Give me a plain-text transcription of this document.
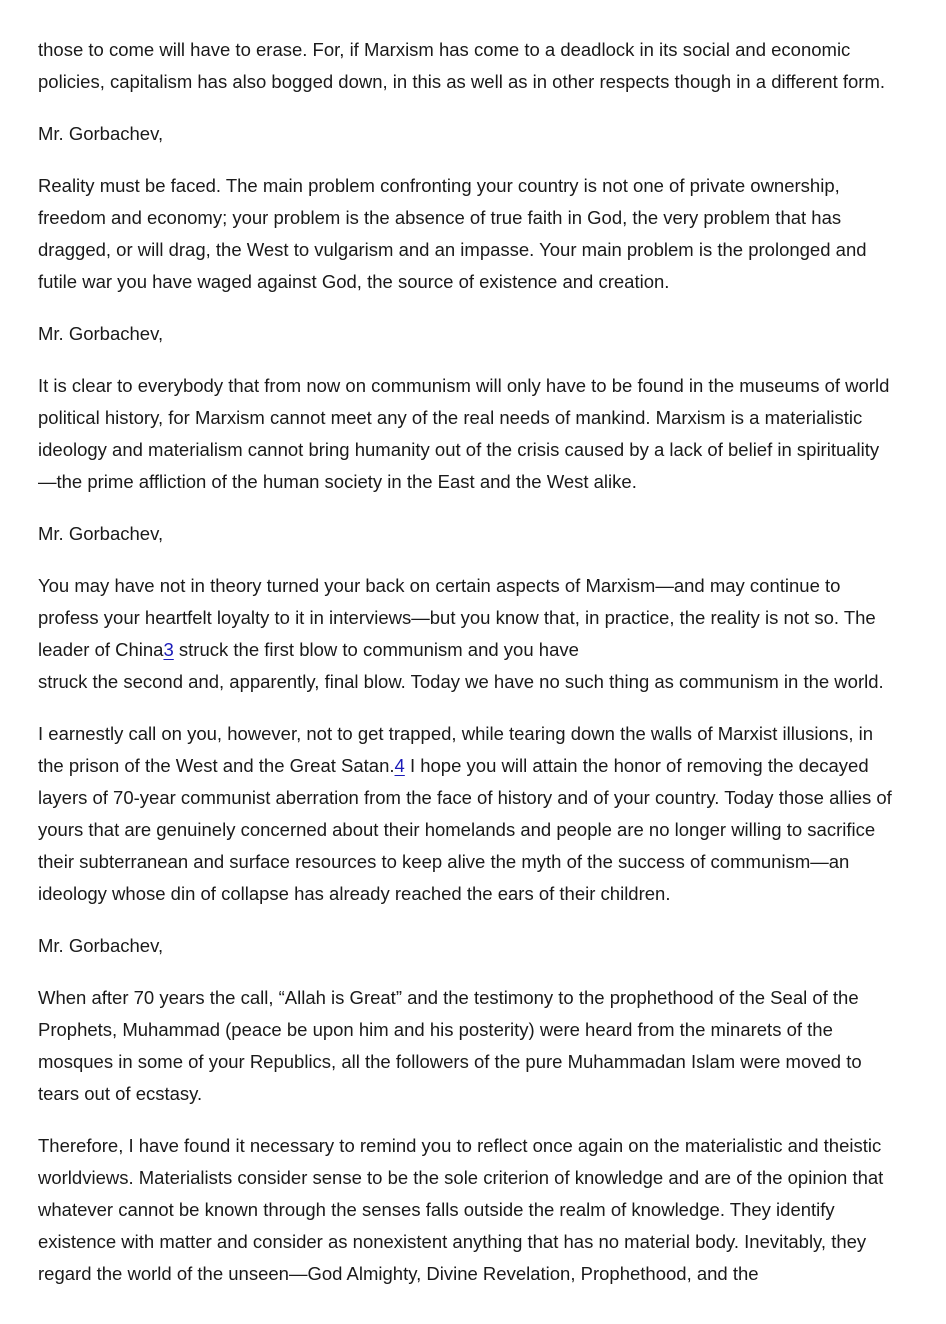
those to come will have to erase. For, if Marxism has come to a deadlock in its social and economic policies, capitalism has also bogged down, in this as well as in other respects though in a different form.

Mr. Gorbachev,

Reality must be faced. The main problem confronting your country is not one of private ownership, freedom and economy; your problem is the absence of true faith in God, the very problem that has dragged, or will drag, the West to vulgarism and an impasse. Your main problem is the prolonged and futile war you have waged against God, the source of existence and creation.

Mr. Gorbachev,

It is clear to everybody that from now on communism will only have to be found in the museums of world political history, for Marxism cannot meet any of the real needs of mankind. Marxism is a materialistic ideology and materialism cannot bring humanity out of the crisis caused by a lack of belief in spirituality—the prime affliction of the human society in the East and the West alike.

Mr. Gorbachev,

You may have not in theory turned your back on certain aspects of Marxism—and may continue to profess your heartfelt loyalty to it in interviews—but you know that, in practice, the reality is not so. The leader of China3 struck the first blow to communism and you have
struck the second and, apparently, final blow. Today we have no such thing as communism in the world.

I earnestly call on you, however, not to get trapped, while tearing down the walls of Marxist illusions, in the prison of the West and the Great Satan.4 I hope you will attain the honor of removing the decayed layers of 70-year communist aberration from the face of history and of your country. Today those allies of yours that are genuinely concerned about their homelands and people are no longer willing to sacrifice their subterranean and surface resources to keep alive the myth of the success of communism—an ideology whose din of collapse has already reached the ears of their children.

Mr. Gorbachev,

When after 70 years the call, “Allah is Great” and the testimony to the prophethood of the Seal of the Prophets, Muhammad (peace be upon him and his posterity) were heard from the minarets of the mosques in some of your Republics, all the followers of the pure Muhammadan Islam were moved to tears out of ecstasy.

Therefore, I have found it necessary to remind you to reflect once again on the materialistic and theistic worldviews. Materialists consider sense to be the sole criterion of knowledge and are of the opinion that whatever cannot be known through the senses falls outside the realm of knowledge. They identify existence with matter and consider as nonexistent anything that has no material body. Inevitably, they regard the world of the unseen—God Almighty, Divine Revelation, Prophethood, and the
